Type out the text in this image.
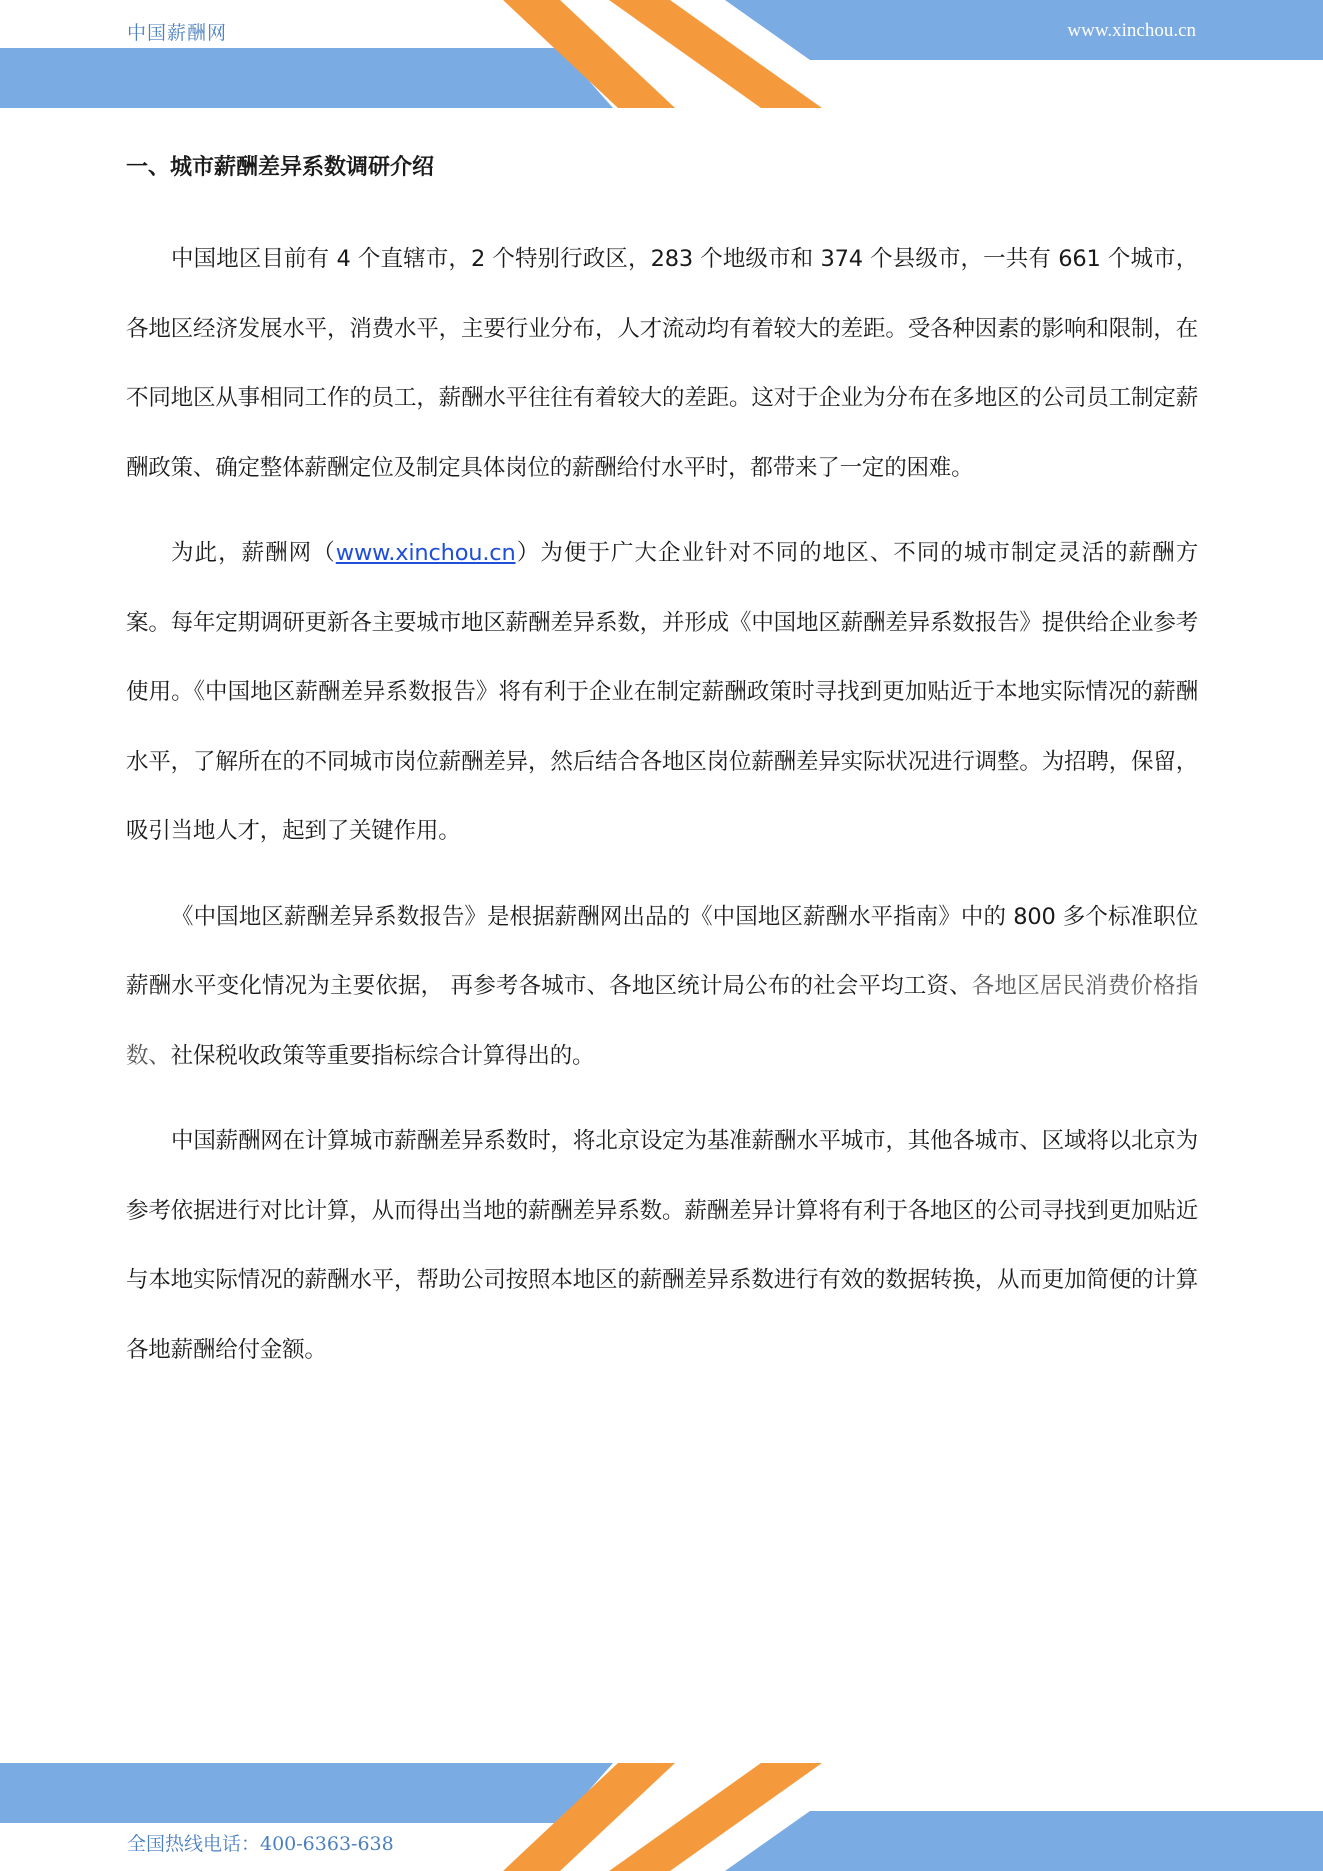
中国薪酬网	www.xinchou.cn
一、城市薪酬差异系数调研介绍

中国地区目前有 4 个直辖市，2 个特别行政区，283 个地级市和 374 个县级市，一共有 661 个城市，各地区经济发展水平，消费水平，主要行业分布，人才流动均有着较大的差距。受各种因素的影响和限制，在不同地区从事相同工作的员工，薪酬水平往往有着较大的差距。这对于企业为分布在多地区的公司员工制定薪酬政策、确定整体薪酬定位及制定具体岗位的薪酬给付水平时，都带来了一定的困难。

为此，薪酬网（www.xinchou.cn）为便于广大企业针对不同的地区、不同的城市制定灵活的薪酬方案。每年定期调研更新各主要城市地区薪酬差异系数，并形成《中国地区薪酬差异系数报告》提供给企业参考使用。《中国地区薪酬差异系数报告》将有利于企业在制定薪酬政策时寻找到更加贴近于本地实际情况的薪酬水平，了解所在的不同城市岗位薪酬差异，然后结合各地区岗位薪酬差异实际状况进行调整。为招聘，保留，吸引当地人才，起到了关键作用。

《中国地区薪酬差异系数报告》是根据薪酬网出品的《中国地区薪酬水平指南》中的 800 多个标准职位薪酬水平变化情况为主要依据， 再参考各城市、各地区统计局公布的社会平均工资、各地区居民消费价格指数、社保税收政策等重要指标综合计算得出的。

中国薪酬网在计算城市薪酬差异系数时，将北京设定为基准薪酬水平城市，其他各城市、区域将以北京为参考依据进行对比计算，从而得出当地的薪酬差异系数。薪酬差异计算将有利于各地区的公司寻找到更加贴近与本地实际情况的薪酬水平，帮助公司按照本地区的薪酬差异系数进行有效的数据转换，从而更加简便的计算各地薪酬给付金额。

全国热线电话：400-6363-638
